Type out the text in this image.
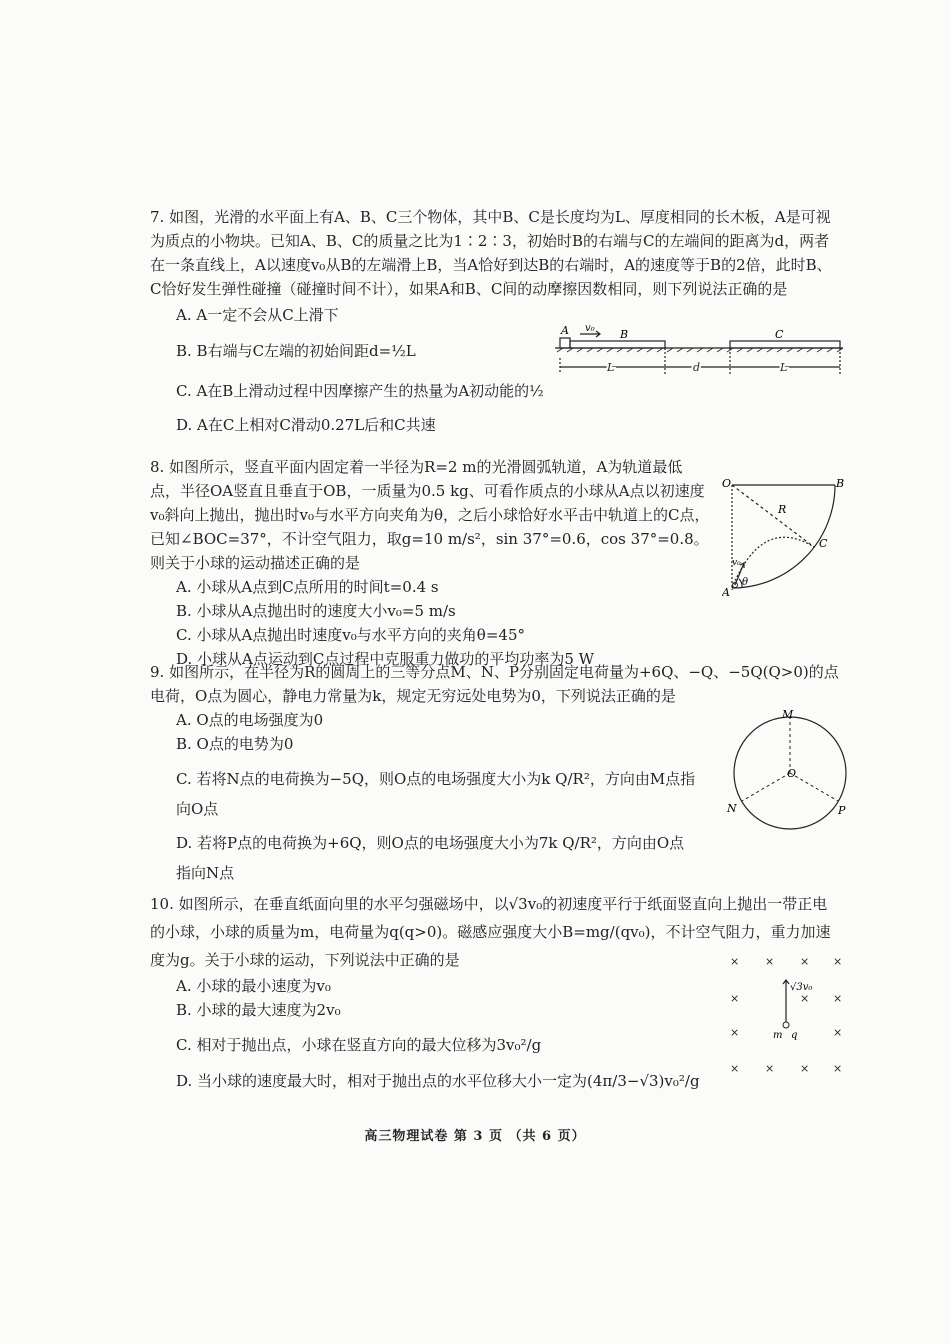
7. 如图，光滑的水平面上有A、B、C三个物体，其中B、C是长度均为L、厚度相同的长木板，A是可视为质点的小物块。已知A、B、C的质量之比为1∶2∶3，初始时B的右端与C的左端间的距离为d，两者在一条直线上，A以速度v₀从B的左端滑上B，当A恰好到达B的右端时，A的速度等于B的2倍，此时B、C恰好发生弹性碰撞（碰撞时间不计），如果A和B、C间的动摩擦因数相同，则下列说法正确的是
A. A一定不会从C上滑下
B. B右端与C左端的初始间距d=½L
C. A在B上滑动过程中因摩擦产生的热量为A初动能的½
D. A在C上相对C滑动0.27L后和C共速
A v₀ B	C
L	d	L
8. 如图所示，竖直平面内固定着一半径为R=2 m的光滑圆弧轨道，A为轨道最低点，半径OA竖直且垂直于OB，一质量为0.5 kg、可看作质点的小球从A点以初速度v₀斜向上抛出，抛出时v₀与水平方向夹角为θ，之后小球恰好水平击中轨道上的C点，已知∠BOC=37°，不计空气阻力，取g=10 m/s²，sin 37°=0.6，cos 37°=0.8。则关于小球的运动描述正确的是
A. 小球从A点到C点所用的时间t=0.4 s
B. 小球从A点抛出时的速度大小v₀=5 m/s
C. 小球从A点抛出时速度v₀与水平方向的夹角θ=45°
D. 小球从A点运动到C点过程中克服重力做功的平均功率为5 W
O	B
R
C
A
v₀
θ
9. 如图所示，在半径为R的圆周上的三等分点M、N、P分别固定电荷量为+6Q、−Q、−5Q(Q>0)的点电荷，O点为圆心，静电力常量为k，规定无穷远处电势为0，下列说法正确的是
A. O点的电场强度为0
B. O点的电势为0
C. 若将N点的电荷换为−5Q，则O点的电场强度大小为k Q/R²，方向由M点指向O点
D. 若将P点的电荷换为+6Q，则O点的电场强度大小为7k Q/R²，方向由O点指向N点
M
O
N	P
10. 如图所示，在垂直纸面向里的水平匀强磁场中，以√3v₀的初速度平行于纸面竖直向上抛出一带正电的小球，小球的质量为m，电荷量为q(q>0)。磁感应强度大小B=mg/(qv₀)，不计空气阻力，重力加速度为g。关于小球的运动，下列说法中正确的是
A. 小球的最小速度为v₀
B. 小球的最大速度为2v₀
C. 相对于抛出点，小球在竖直方向的最大位移为3v₀²/g
D. 当小球的速度最大时，相对于抛出点的水平位移大小一定为(4π/3−√3)v₀²/g
× × × ×
×	× ×
×	×
× × × ×
√3v₀
m q
高三物理试卷 第 3 页 （共 6 页）
